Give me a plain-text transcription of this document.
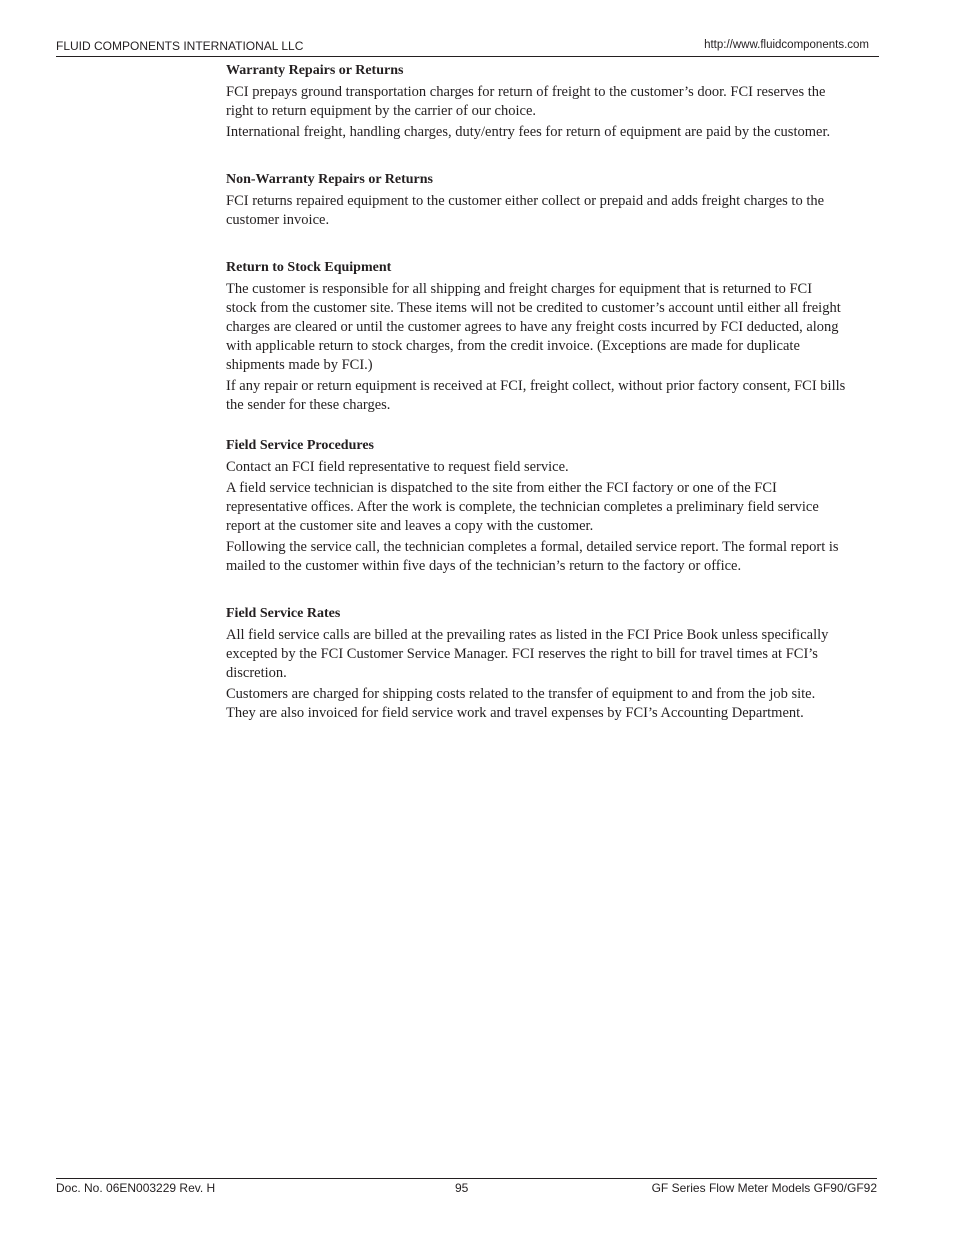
FLUID COMPONENTS INTERNATIONAL LLC	http://www.fluidcomponents.com
Warranty Repairs or Returns

FCI prepays ground transportation charges for return of freight to the customer’s door. FCI reserves the right to return equipment by the carrier of our choice.

International freight, handling charges, duty/entry fees for return of equipment are paid by the customer.

Non-Warranty Repairs or Returns

FCI returns repaired equipment to the customer either collect or prepaid and adds freight charges to the customer invoice.

Return to Stock Equipment

The customer is responsible for all shipping and freight charges for equipment that is returned to FCI stock from the customer site. These items will not be credited to customer’s account until either all freight charges are cleared or until the customer agrees to have any freight costs incurred by FCI deducted, along with applicable return to stock charges, from the credit invoice. (Exceptions are made for duplicate shipments made by FCI.)

If any repair or return equipment is received at FCI, freight collect, without prior factory consent, FCI bills the sender for these charges.

Field Service Procedures

Contact an FCI field representative to request field service.

A field service technician is dispatched to the site from either the FCI factory or one of the FCI representative offices. After the work is complete, the technician completes a preliminary field service report at the customer site and leaves a copy with the customer.

Following the service call, the technician completes a formal, detailed service report. The formal report is mailed to the customer within five days of the technician’s return to the factory or office.

Field Service Rates

All field service calls are billed at the prevailing rates as listed in the FCI Price Book unless specifically excepted by the FCI Customer Service Manager. FCI reserves the right to bill for travel times at FCI’s discretion.

Customers are charged for shipping costs related to the transfer of equipment to and from the job site. They are also invoiced for field service work and travel expenses by FCI’s Accounting Department.

Doc. No. 06EN003229 Rev. H	95	GF Series Flow Meter Models GF90/GF92
